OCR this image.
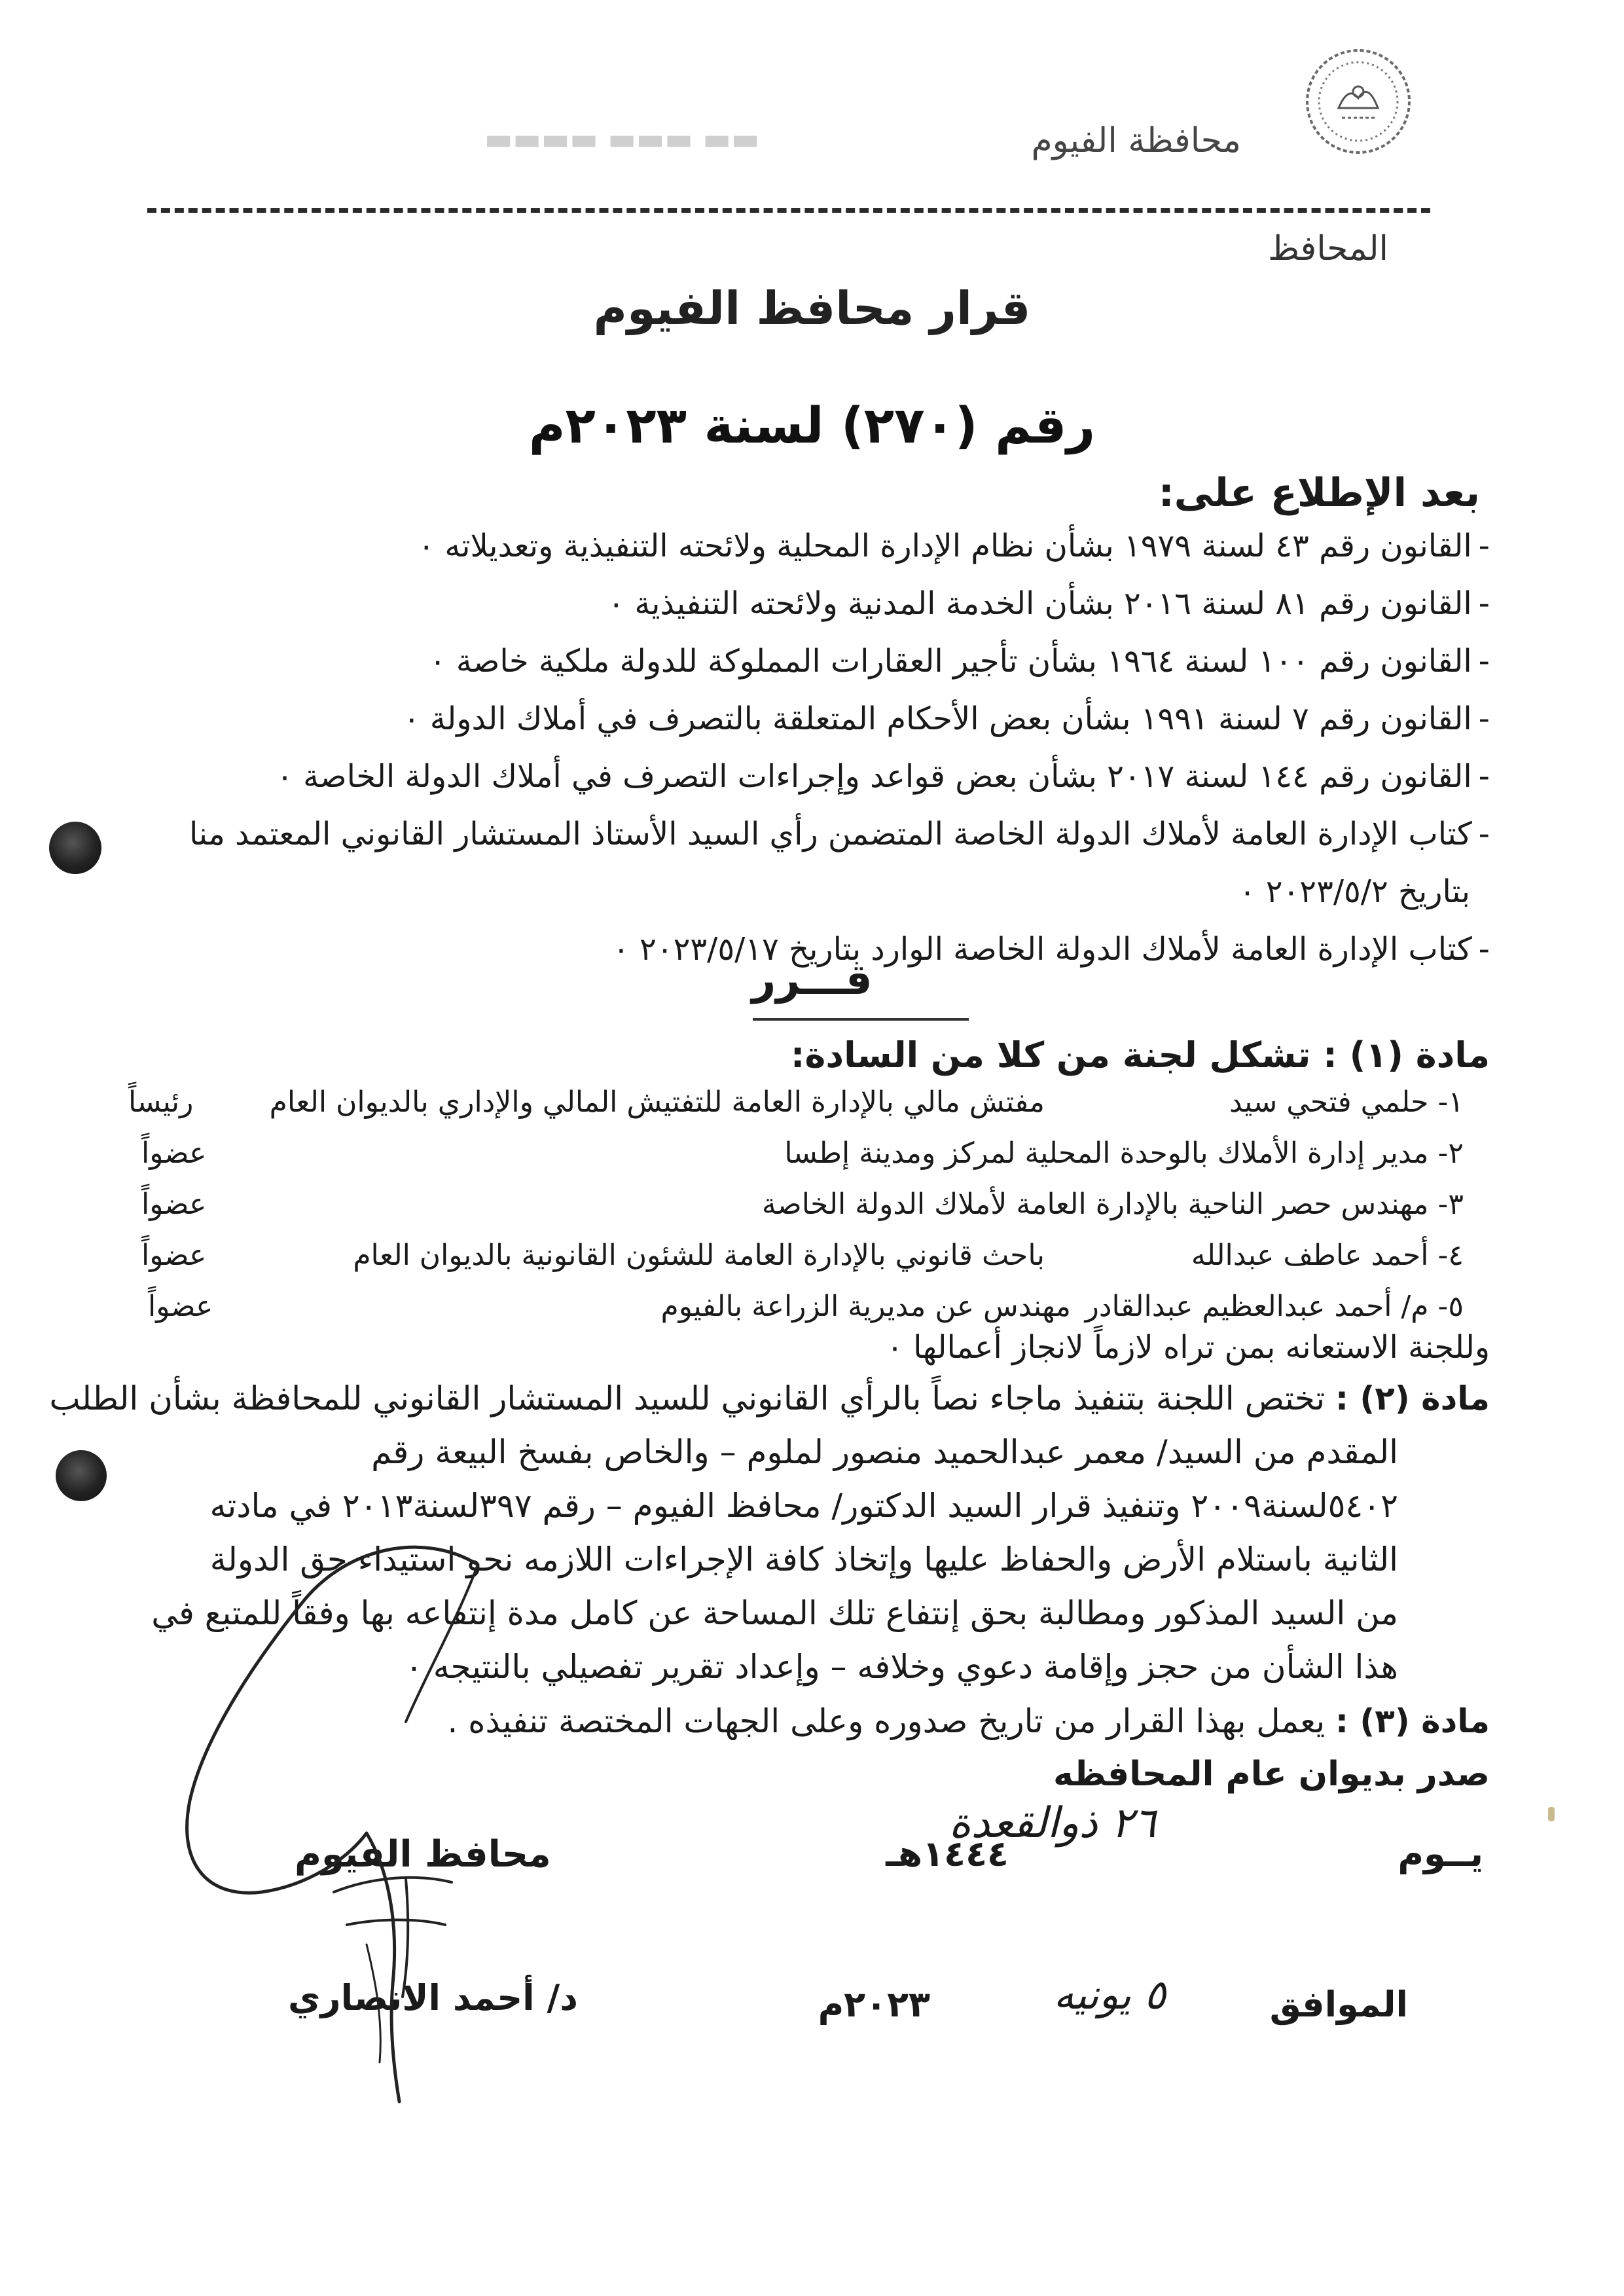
محافظة الفيوم
▬▬ ▬▬▬ ▬▬▬▬
المحافظ
قرار محافظ الفيوم
رقم (٢٧٠) لسنة ٢٠٢٣م
بعد الإطلاع على:
-القانون رقم ٤٣ لسنة ١٩٧٩ بشأن نظام الإدارة المحلية ولائحته التنفيذية وتعديلاته ٠
-القانون رقم ٨١ لسنة ٢٠١٦ بشأن الخدمة المدنية ولائحته التنفيذية ٠
-القانون رقم ١٠٠ لسنة ١٩٦٤ بشأن تأجير العقارات المملوكة للدولة ملكية خاصة ٠
-القانون رقم ٧ لسنة ١٩٩١ بشأن بعض الأحكام المتعلقة بالتصرف في أملاك الدولة ٠
-القانون رقم ١٤٤ لسنة ٢٠١٧ بشأن بعض قواعد وإجراءات التصرف في أملاك الدولة الخاصة ٠
-كتاب الإدارة العامة لأملاك الدولة الخاصة المتضمن رأي السيد الأستاذ المستشار القانوني المعتمد منا
بتاريخ ٢٠٢٣/٥/٢ ٠
-كتاب الإدارة العامة لأملاك الدولة الخاصة الوارد بتاريخ ٢٠٢٣/٥/١٧ ٠
قـــرر
مادة (١) : تشكل لجنة من كلا من السادة:
١- حلمي فتحي سيد
مفتش مالي بالإدارة العامة للتفتيش المالي والإداري بالديوان العام
رئيساً
٢- مدير إدارة الأملاك بالوحدة المحلية لمركز ومدينة إطسا
عضواً
٣- مهندس حصر الناحية بالإدارة العامة لأملاك الدولة الخاصة
عضواً
٤- أحمد عاطف عبدالله
باحث قانوني بالإدارة العامة للشئون القانونية بالديوان العام
عضواً
٥- م/ أحمد عبدالعظيم عبدالقادر
مهندس عن مديرية الزراعة بالفيوم
عضواً
وللجنة الاستعانه بمن تراه لازماً لانجاز أعمالها ٠
مادة (٢) : تختص اللجنة بتنفيذ ماجاء نصاً بالرأي القانوني للسيد المستشار القانوني للمحافظة بشأن الطلب
المقدم من السيد/ معمر عبدالحميد منصور لملوم – والخاص بفسخ البيعة رقم
٥٤٠٢لسنة٢٠٠٩ وتنفيذ قرار السيد الدكتور/ محافظ الفيوم – رقم ٣٩٧لسنة٢٠١٣ في مادته
الثانية باستلام الأرض والحفاظ عليها وإتخاذ كافة الإجراءات اللازمه نحو استيداء حق الدولة
من السيد المذكور ومطالبة بحق إنتفاع تلك المساحة عن كامل مدة إنتفاعه بها وفقاً للمتبع في
هذا الشأن من حجز وإقامة دعوي وخلافه – وإعداد تقرير تفصيلي بالنتيجه ٠
مادة (٣) : يعمل بهذا القرار من تاريخ صدوره وعلى الجهات المختصة تنفيذه .
صدر بديوان عام المحافظه
يــوم
٢٦ ذوالقعدة
١٤٤٤هـ
الموافق
٥ يونيه
٢٠٢٣م
محافظ الفيوم
د/ أحمد الانصاري
